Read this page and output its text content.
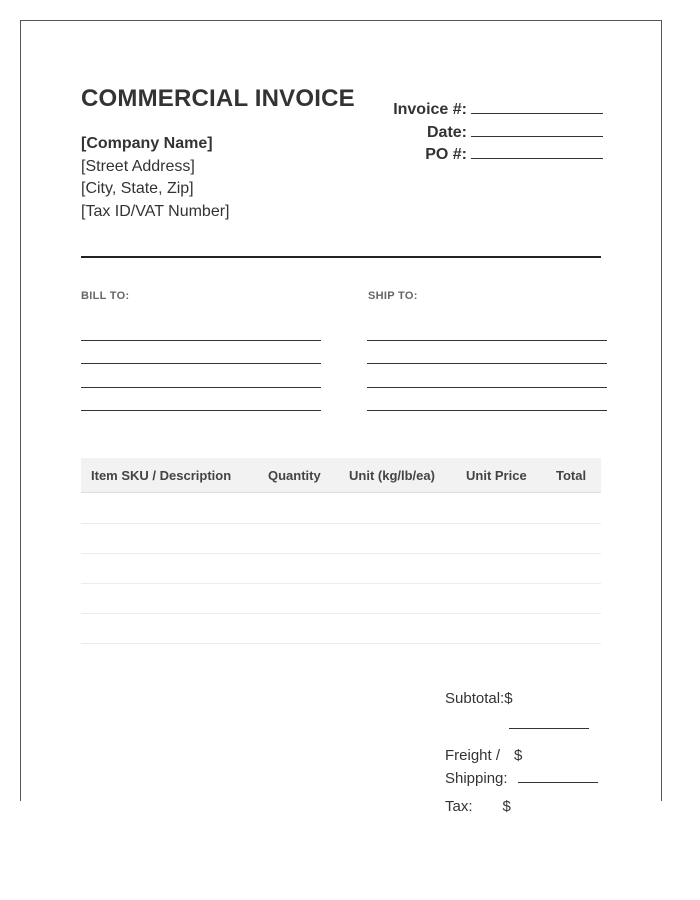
COMMERCIAL INVOICE
[Company Name]
[Street Address]
[City, State, Zip]
[Tax ID/VAT Number]
Invoice #:
Date:
PO #:
BILL TO:	SHIP TO:
Item SKU / Description	Quantity Unit (kg/lb/ea) Unit Price Total
Subtotal:$
Freight / $
Shipping:
Tax: $
